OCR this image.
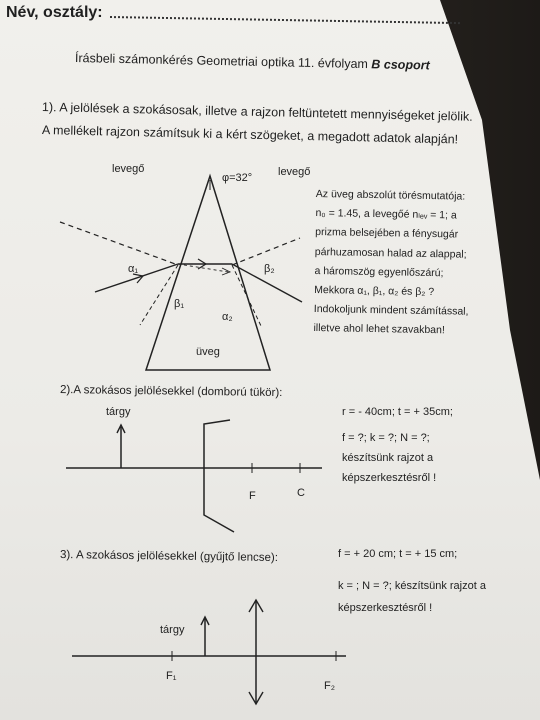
Név, osztály:
Írásbeli számonkérés Geometriai optika 11. évfolyam B csoport
1). A jelölések a szokásosak, illetve a rajzon feltüntetett mennyiségeket jelölik.
A mellékelt rajzon számítsuk ki a kért szögeket, a megadott adatok alapján!
levegő	levegő
φ=32°
α₁	β₂
β₁
α₂
üveg
Az üveg abszolút törésmutatója: n₀ = 1.45, a levegőé nₗₑᵥ = 1; a prizma belsejében a fénysugár párhuzamosan halad az alappal; a háromszög egyenlőszárú; Mekkora α₁, β₁, α₂ és β₂ ? Indokoljunk mindent számítással, illetve ahol lehet szavakban!
2).A szokásos jelölésekkel (domború tükör):
r = - 40cm; t = + 35cm;
f = ?; k = ?; N = ?;
készítsünk rajzot a képszerkesztésről !
tárgy
F	C
3). A szokásos jelölésekkel (gyűjtő lencse):	f = + 20 cm; t = + 15 cm;
k = ; N = ?; készítsünk rajzot a képszerkesztésről !
tárgy
F₁
F₂
